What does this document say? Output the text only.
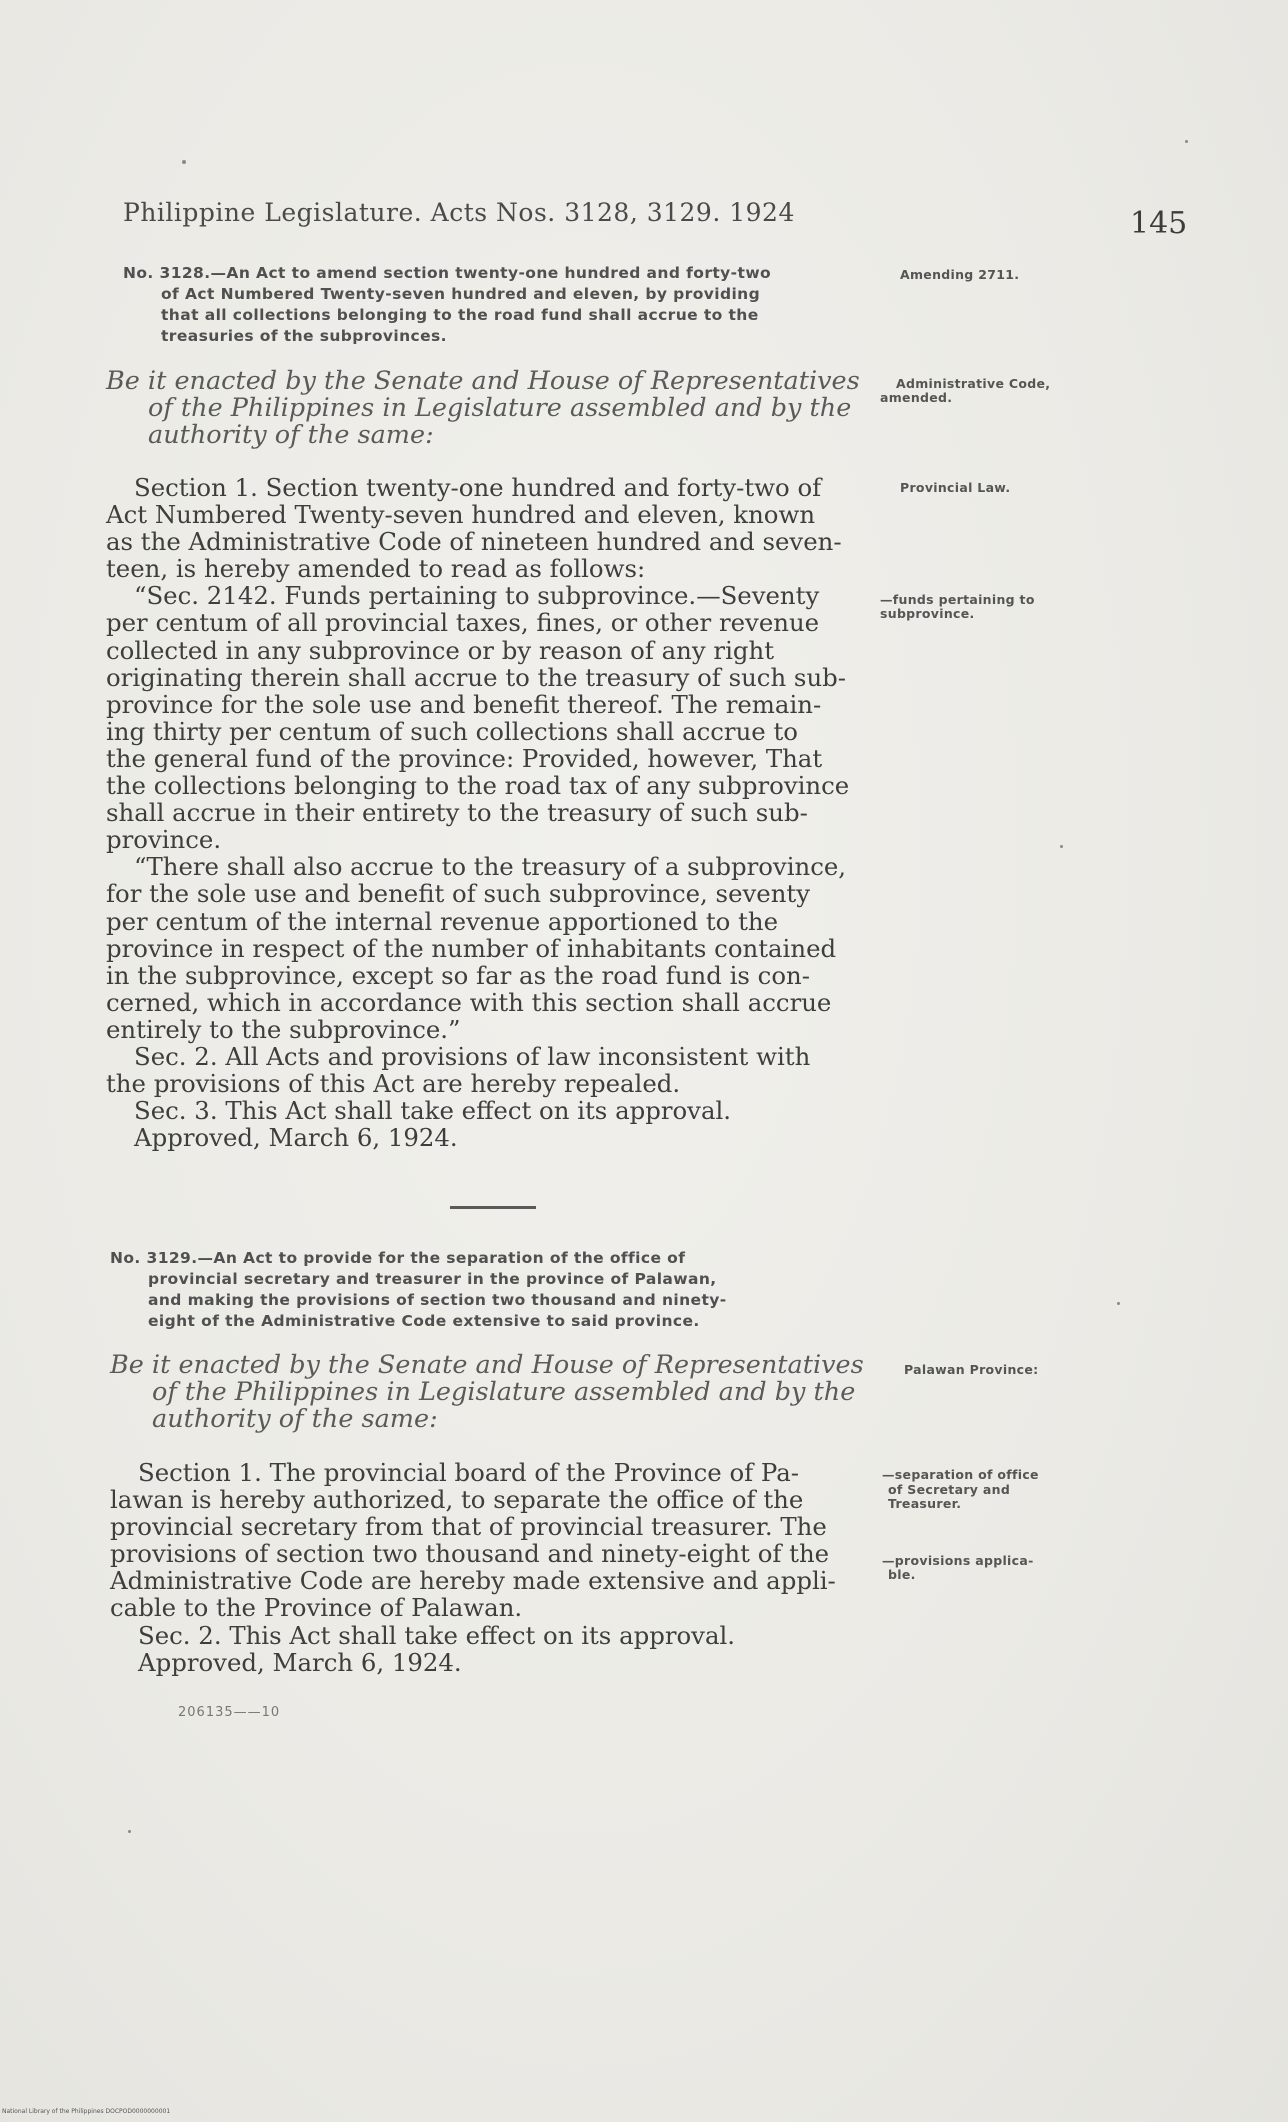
Philippine Legislature. Acts Nos. 3128, 3129. 1924	145
No. 3128.—An Act to amend section twenty-one hundred and forty-two
of Act Numbered Twenty-seven hundred and eleven, by providing
that all collections belonging to the road fund shall accrue to the
treasuries of the subprovinces.
Be it enacted by the Senate and House of Representatives
of the Philippines in Legislature assembled and by the
authority of the same:
Section 1. Section twenty-one hundred and forty-two of
Act Numbered Twenty-seven hundred and eleven, known
as the Administrative Code of nineteen hundred and seven-
teen, is hereby amended to read as follows:
“Sec. 2142. Funds pertaining to subprovince.—Seventy
per centum of all provincial taxes, fines, or other revenue
collected in any subprovince or by reason of any right
originating therein shall accrue to the treasury of such sub-
province for the sole use and benefit thereof. The remain-
ing thirty per centum of such collections shall accrue to
the general fund of the province: Provided, however, That
the collections belonging to the road tax of any subprovince
shall accrue in their entirety to the treasury of such sub-
province.
“There shall also accrue to the treasury of a subprovince,
for the sole use and benefit of such subprovince, seventy
per centum of the internal revenue apportioned to the
province in respect of the number of inhabitants contained
in the subprovince, except so far as the road fund is con-
cerned, which in accordance with this section shall accrue
entirely to the subprovince.”
Sec. 2. All Acts and provisions of law inconsistent with
the provisions of this Act are hereby repealed.
Sec. 3. This Act shall take effect on its approval.
Approved, March 6, 1924.
Amending 2711.
Administrative Code,
amended.
Provincial Law.
—funds pertaining to
subprovince.
No. 3129.—An Act to provide for the separation of the office of
provincial secretary and treasurer in the province of Palawan,
and making the provisions of section two thousand and ninety-
eight of the Administrative Code extensive to said province.
Be it enacted by the Senate and House of Representatives
of the Philippines in Legislature assembled and by the
authority of the same:
Section 1. The provincial board of the Province of Pa-
lawan is hereby authorized, to separate the office of the
provincial secretary from that of provincial treasurer. The
provisions of section two thousand and ninety-eight of the
Administrative Code are hereby made extensive and appli-
cable to the Province of Palawan.
Sec. 2. This Act shall take effect on its approval.
Approved, March 6, 1924.
Palawan Province:
—separation of office
of Secretary and
Treasurer.
—provisions applica-
ble.
206135——10
National Library of the Philippines DOCPOD0000000001
